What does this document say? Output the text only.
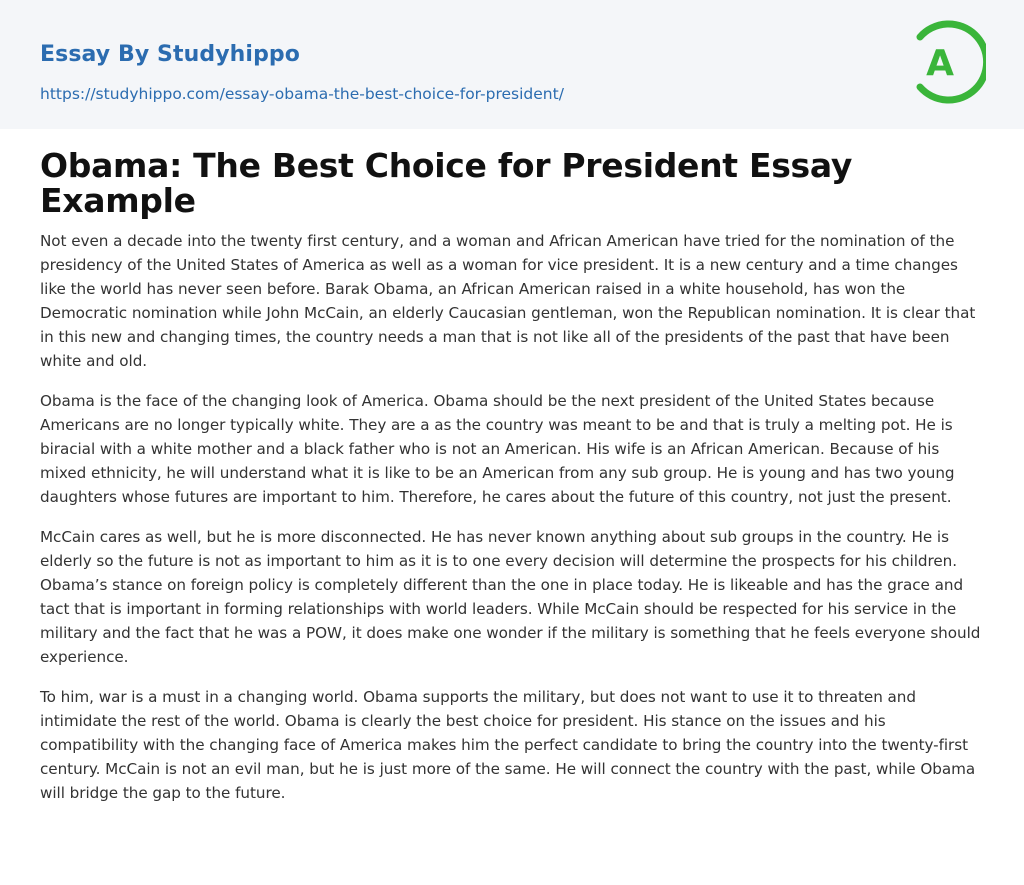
Essay By Studyhippo
https://studyhippo.com/essay-obama-the-best-choice-for-president/
A
Obama: The Best Choice for President Essay Example

Not even a decade into the twenty first century, and a woman and African American have tried for the nomination of the presidency of the United States of America as well as a woman for vice president. It is a new century and a time changes like the world has never seen before. Barak Obama, an African American raised in a white household, has won the Democratic nomination while John McCain, an elderly Caucasian gentleman, won the Republican nomination. It is clear that in this new and changing times, the country needs a man that is not like all of the presidents of the past that have been white and old.

Obama is the face of the changing look of America. Obama should be the next president of the United States because Americans are no longer typically white. They are a as the country was meant to be and that is truly a melting pot. He is biracial with a white mother and a black father who is not an American. His wife is an African American. Because of his mixed ethnicity, he will understand what it is like to be an American from any sub group. He is young and has two young daughters whose futures are important to him. Therefore, he cares about the future of this country, not just the present.

McCain cares as well, but he is more disconnected. He has never known anything about sub groups in the country. He is elderly so the future is not as important to him as it is to one every decision will determine the prospects for his children. Obama’s stance on foreign policy is completely different than the one in place today. He is likeable and has the grace and tact that is important in forming relationships with world leaders. While McCain should be respected for his service in the military and the fact that he was a POW, it does make one wonder if the military is something that he feels everyone should experience.

To him, war is a must in a changing world. Obama supports the military, but does not want to use it to threaten and intimidate the rest of the world. Obama is clearly the best choice for president. His stance on the issues and his compatibility with the changing face of America makes him the perfect candidate to bring the country into the twenty-first century. McCain is not an evil man, but he is just more of the same. He will connect the country with the past, while Obama will bridge the gap to the future.
